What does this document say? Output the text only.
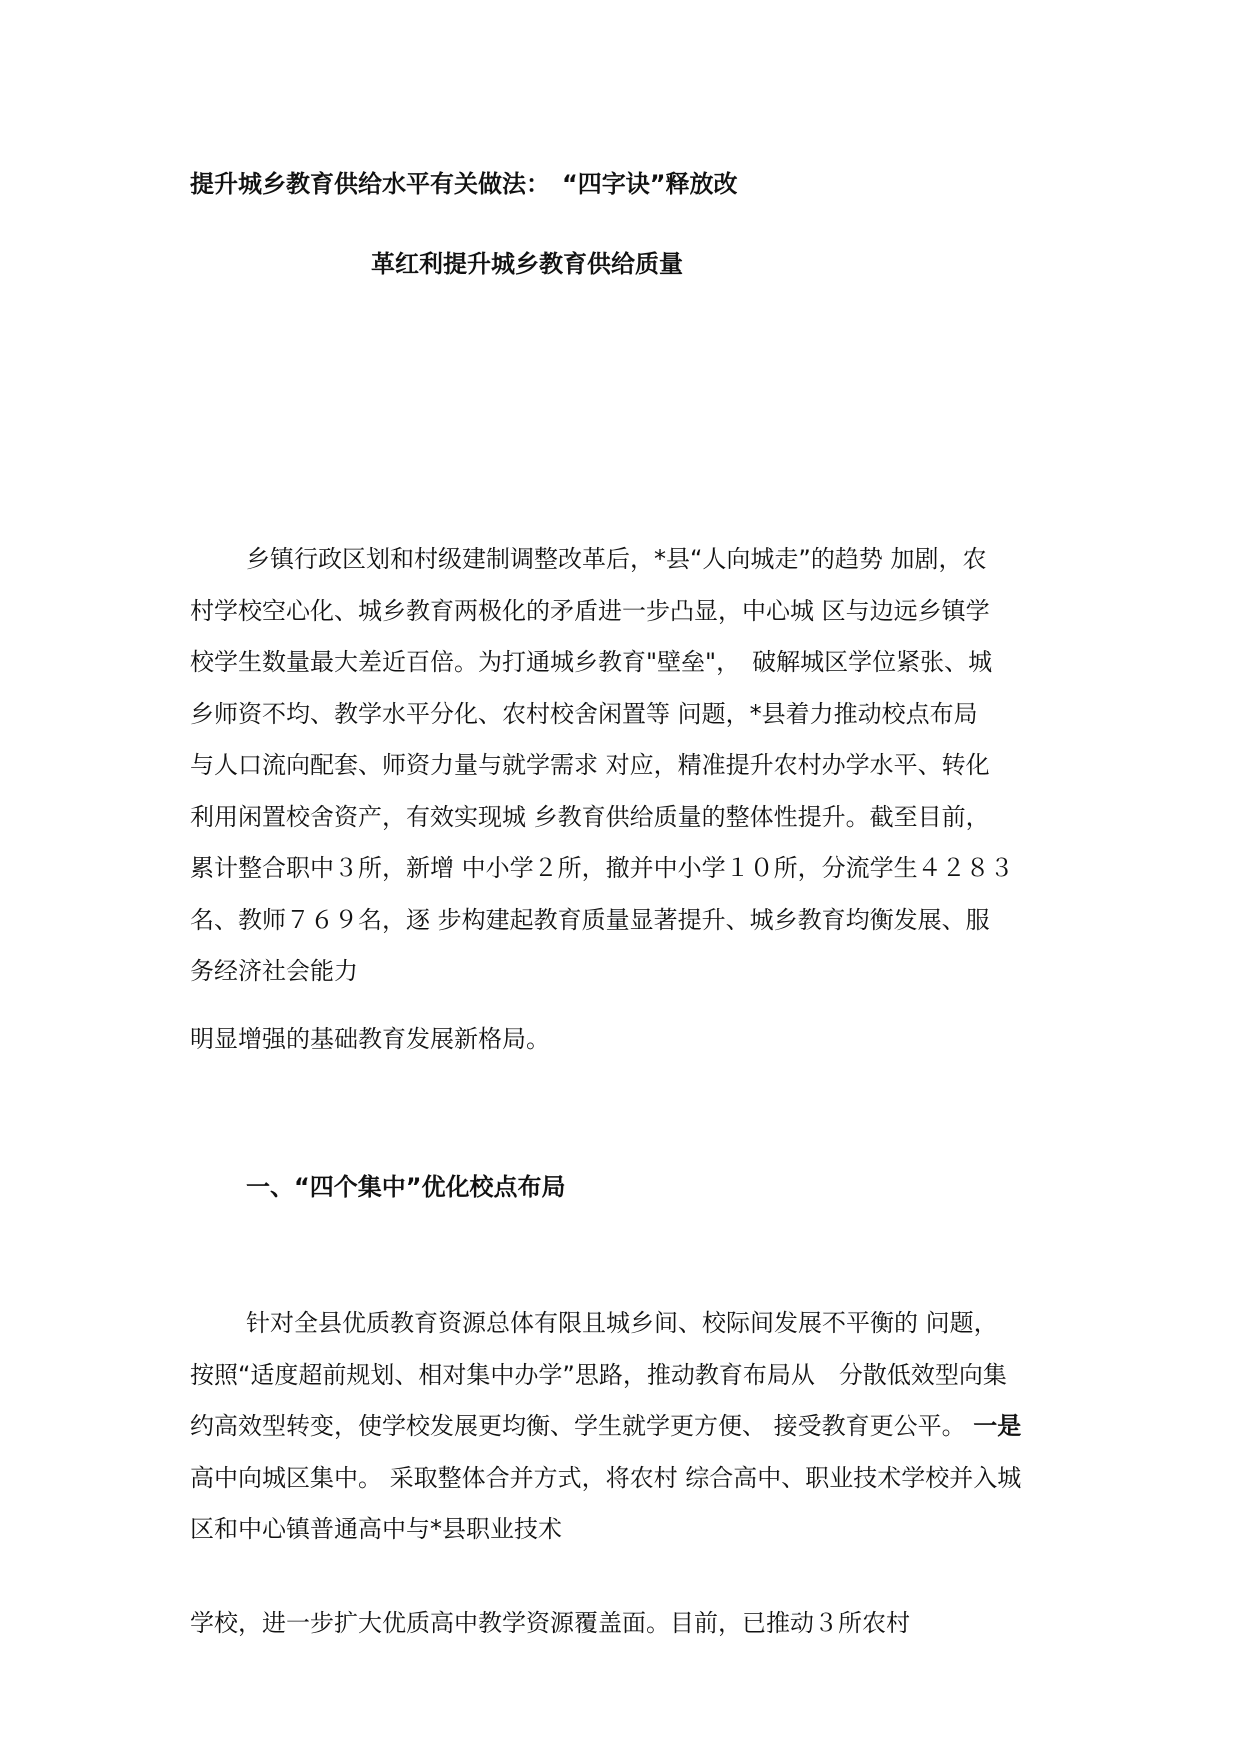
提升城乡教育供给水平有关做法：　“四字诀”释放改
革红利提升城乡教育供给质量
乡镇行政区划和村级建制调整改革后，*县“人向城走”的趋势 加剧，农
村学校空心化、城乡教育两极化的矛盾进一步凸显，中心城 区与边远乡镇学
校学生数量最大差近百倍。为打通城乡教育"壁垒"，　破解城区学位紧张、城
乡师资不均、教学水平分化、农村校舍闲置等 问题，*县着力推动校点布局
与人口流向配套、师资力量与就学需求 对应，精准提升农村办学水平、转化
利用闲置校舍资产，有效实现城 乡教育供给质量的整体性提升。截至目前，
累计整合职中３所，新增 中小学２所，撤并中小学１０所，分流学生４２８３
名、教师７６９名，逐 步构建起教育质量显著提升、城乡教育均衡发展、服
务经济社会能力
明显增强的基础教育发展新格局。
一、“四个集中”优化校点布局
针对全县优质教育资源总体有限且城乡间、校际间发展不平衡的 问题，
按照“适度超前规划、相对集中办学”思路，推动教育布局从　分散低效型向集
约高效型转变，使学校发展更均衡、学生就学更方便、 接受教育更公平。 一是
高中向城区集中。 采取整体合并方式，将农村 综合高中、职业技术学校并入城
区和中心镇普通高中与*县职业技术
学校，进一步扩大优质高中教学资源覆盖面。目前，已推动３所农村
